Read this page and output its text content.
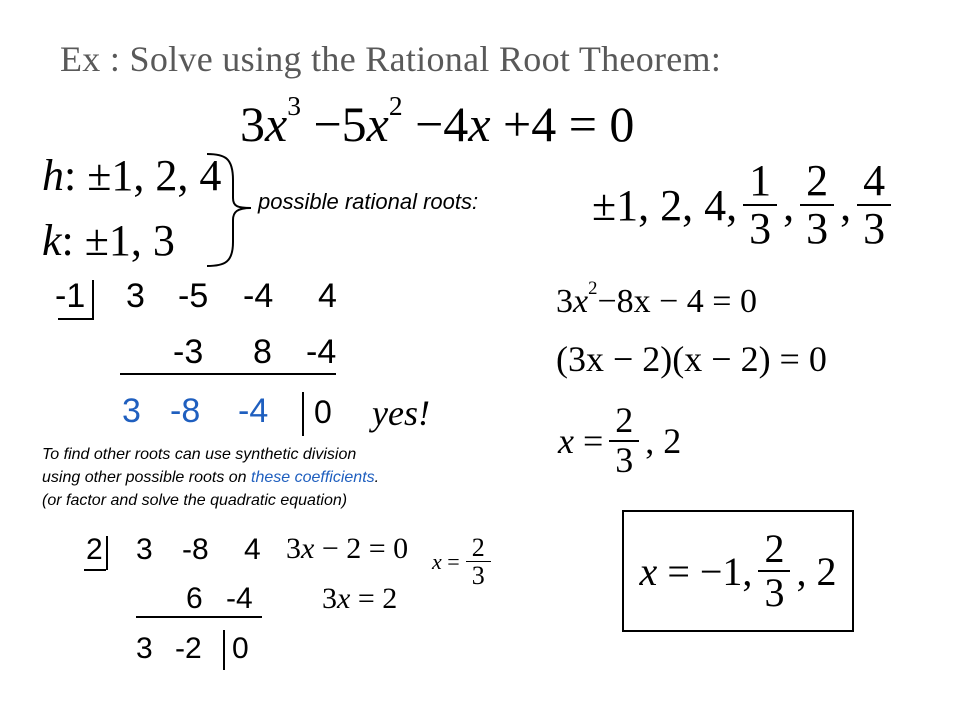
Ex : Solve using the Rational Root Theorem:
$3x^3 -5x^2 -4x +4 = 0$
h: ±1, 2, 4
k: ±1, 3
possible rational roots:	±1, 2, 4, $\frac{1}{3}$ , $\frac{2}{3}$ , $\frac{4}{3}$
-1 3 -5 -4 4
-3 8 -4
3 -8 -4 0 yes!
To find other roots can use synthetic division
using other possible roots on these coefficients.
(or factor and solve the quadratic equation)
2 3 -8 4
6 -4
3 -2 0
3x − 2 = 0
3x = 2
x
= $\frac{2}{3}$
$3x^2-8x - 4 = 0$
(3x − 2)(x − 2) = 0
x
= $\frac{2}{3}$ , 2
x
= −1, $\frac{2}{3}$ , 2
